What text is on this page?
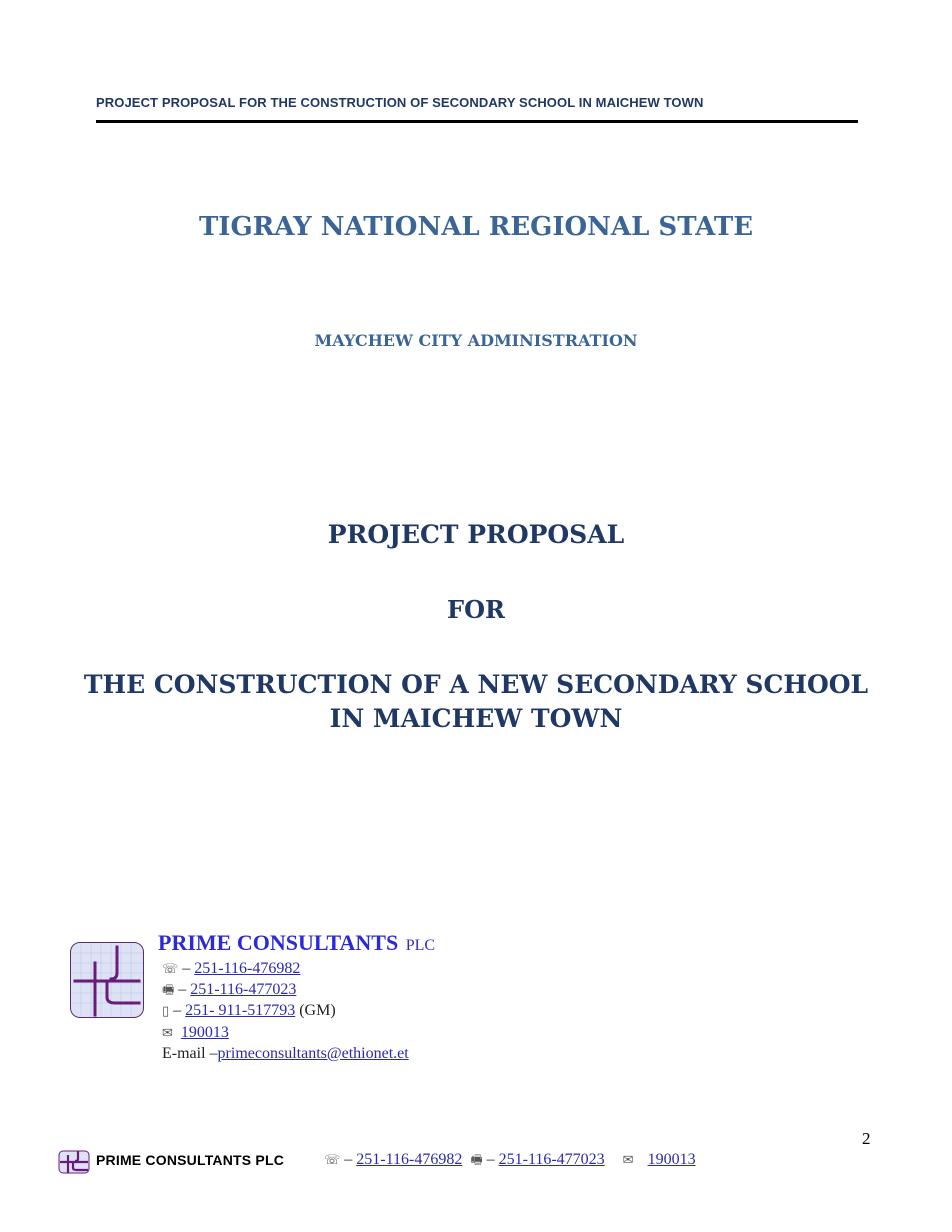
PROJECT PROPOSAL FOR THE CONSTRUCTION OF SECONDARY SCHOOL IN MAICHEW TOWN
TIGRAY NATIONAL REGIONAL STATE
MAYCHEW CITY ADMINISTRATION
PROJECT PROPOSAL
FOR
THE CONSTRUCTION OF A NEW SECONDARY SCHOOL
IN MAICHEW TOWN
PRIME CONSULTANTS PLC
☏ – 251-116-476982
🖷 – 251-116-477023
▯ – 251- 911-517793 (GM)
✉ 190013
E-mail –primeconsultants@ethionet.et
2
PRIME CONSULTANTS PLC	☏ – 251-116-476982 🖷 – 251-116-477023 ✉ 190013
